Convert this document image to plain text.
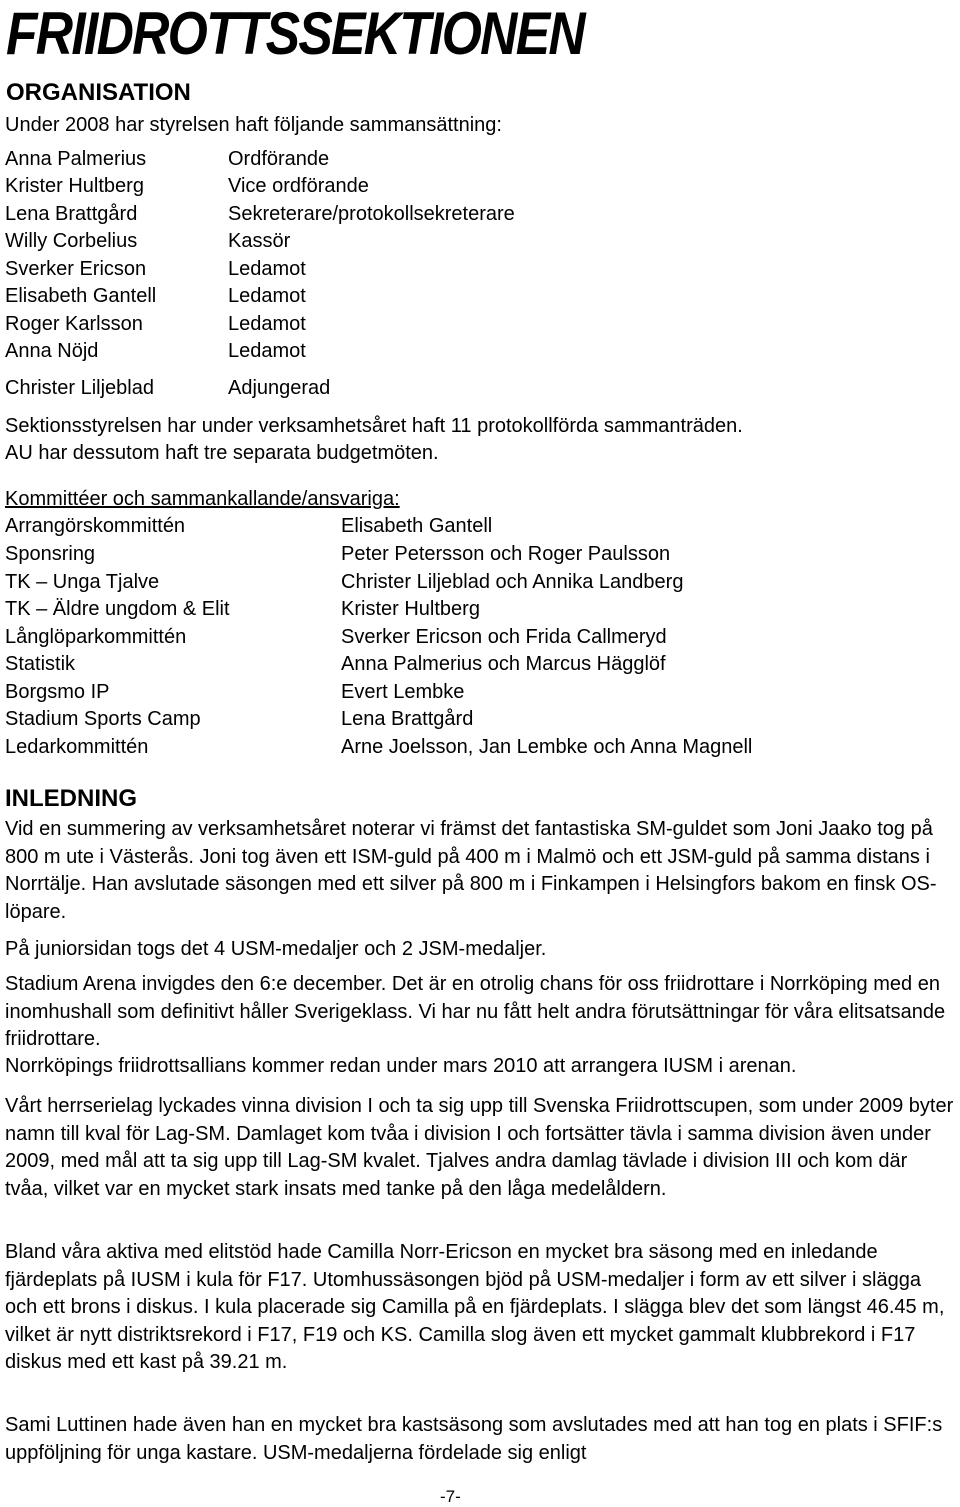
FRIIDROTTSSEKTIONEN
ORGANISATION
Under 2008 har styrelsen haft följande sammansättning:
Anna Palmerius	Ordförande
Krister Hultberg	Vice ordförande
Lena Brattgård	Sekreterare/protokollsekreterare
Willy Corbelius	Kassör
Sverker Ericson	Ledamot
Elisabeth Gantell	Ledamot
Roger Karlsson	Ledamot
Anna Nöjd	Ledamot
Christer Liljeblad	Adjungerad
Sektionsstyrelsen har under verksamhetsåret haft 11 protokollförda sammanträden.
AU har dessutom haft tre separata budgetmöten.
Kommittéer och sammankallande/ansvariga:
Arrangörskommittén	Elisabeth Gantell
Sponsring	Peter Petersson och Roger Paulsson
TK – Unga Tjalve	Christer Liljeblad och Annika Landberg
TK – Äldre ungdom & Elit	Krister Hultberg
Långlöparkommittén	Sverker Ericson och Frida Callmeryd
Statistik	Anna Palmerius och Marcus Hägglöf
Borgsmo IP	Evert Lembke
Stadium Sports Camp	Lena Brattgård
Ledarkommittén	Arne Joelsson, Jan Lembke och Anna Magnell
INLEDNING

Vid en summering av verksamhetsåret noterar vi främst det fantastiska SM-guldet som Joni Jaako tog på 800 m ute i Västerås. Joni tog även ett ISM-guld på 400 m i Malmö och ett JSM-guld på samma distans i Norrtälje. Han avslutade säsongen med ett silver på 800 m i Finkampen i Helsingfors bakom en finsk OS-löpare.

På juniorsidan togs det 4 USM-medaljer och 2 JSM-medaljer.

Stadium Arena invigdes den 6:e december. Det är en otrolig chans för oss friidrottare i Norrköping med en inomhushall som definitivt håller Sverigeklass. Vi har nu fått helt andra förutsättningar för våra elitsatsande friidrottare.

Norrköpings friidrottsallians kommer redan under mars 2010 att arrangera IUSM i arenan.

Vårt herrserielag lyckades vinna division I och ta sig upp till Svenska Friidrottscupen, som under 2009 byter namn till kval för Lag-SM. Damlaget kom tvåa i division I och fortsätter tävla i samma division även under 2009, med mål att ta sig upp till Lag-SM kvalet. Tjalves andra damlag tävlade i division III och kom där tvåa, vilket var en mycket stark insats med tanke på den låga medelåldern.

Bland våra aktiva med elitstöd hade Camilla Norr-Ericson en mycket bra säsong med en inledande fjärdeplats på IUSM i kula för F17. Utomhussäsongen bjöd på USM-medaljer i form av ett silver i slägga och ett brons i diskus. I kula placerade sig Camilla på en fjärdeplats. I slägga blev det som längst 46.45 m, vilket är nytt distriktsrekord i F17, F19 och KS. Camilla slog även ett mycket gammalt klubbrekord i F17 diskus med ett kast på 39.21 m.

Sami Luttinen hade även han en mycket bra kastsäsong som avslutades med att han tog en plats i SFIF:s uppföljning för unga kastare. USM-medaljerna fördelade sig enligt

-7-
